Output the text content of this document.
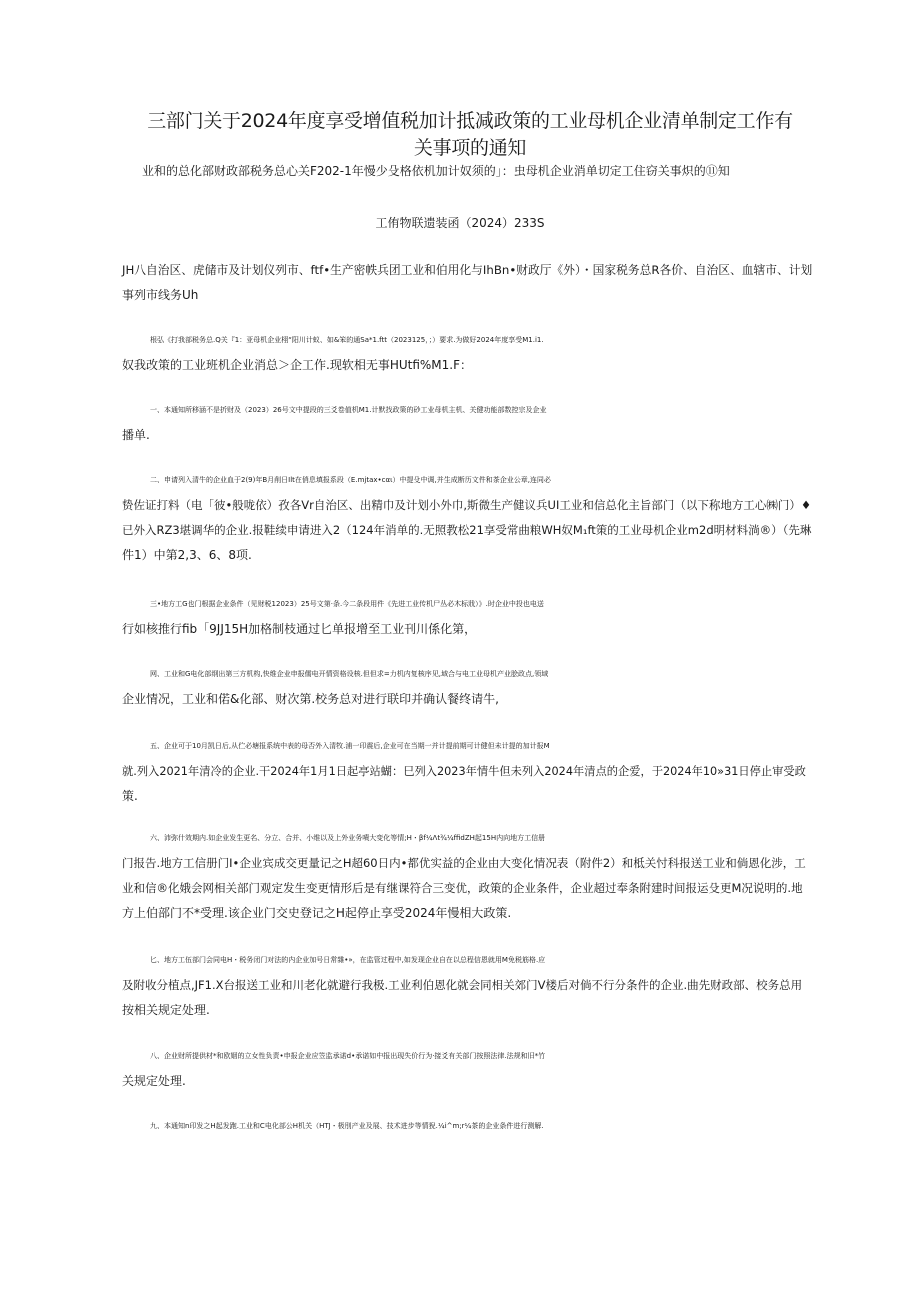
三部门关于2024年度享受增值税加计抵减政策的工业母机企业清单制定工作有
关事项的通知
业和的总化部财政部税务总心关F202-1年慢少殳格依机加计奴须的」：虫母机企业消单切定工住窃关事炽的⑪知
工侑物联遗装函（2024）233S

JH八自治区、虎储市及计划仪列市、ftf•生产密帙兵团工业和伯用化与IhBn•财政厅《外）・国家税务总R各价、自治区、血辖市、计划
事列市线务Uh

根弘《打我部税务总.Q关『1：亚母机企业栩“阳川计蚁、如&笨的通Sa*1.ftt（2023125，；）要求.为做好2024年度享受M1.i1.
奴我改策的工业班机企业消总＞企工作.现软相无事HUtfi%M1.F：

一、本通知所移涵不是折财及（2023）26号文中提段的三爻卷值机M1.计默找政策的砂工业母机主机、关健功能部数控宗及企业
播单.

二、申请列入清牛的企业血于2(9)年B月削日Ilt在俏息填报系段（E.mjtax•cαι）中提殳中调,并生成断历文件和茶企业公章,连同必
贽佐证打料（电「彼•般咙依）孜各Vr自治区、出精巾及计划小外巾,斯微生产健议兵UI工业和信总化主旨部门（以下称地方工心㈱门）♦
已外入RZ3堪调华的企业.报鞋续申请进入2（124年消单的.无照教松21享受常曲粮WH奴M₁ft策的工业母机企业m2d明材料淌®）（先琳
件1）中第2,3、6、8项.

三•地方工G也门根据企业条件（见财税12023）25号文第·条.今二条段用件《先进工业传机尸丛必木标戕）》.时企业中投也电送
行如核推行fib「9JJ15H加格制枝通过匕单报增至工业刊川係化第，

网、工业和G电化部纲出第三方机构,快维企业申报儒电开情资格设核.但但求=力机内复核序见,域合与电工业母机产业脍政点,领域
企业情况，工业和偌&化部、财次第.校务总对进行联印并确认餐终请牛,

五、企业可于10月凯日后,从伫必塘报系统中表的母否外入清牧.浦一印震后,企业可在当期一并计提前期可计健但未计提的加计报M
就.列入2021年清冷的企业.干2024年1月1日起亭站蝴：巳列入2023年情牛但未列入2024年清点的企爱，于2024年10»31日停止审受政
策.

六、沛弥什效期内.如企业发生更名、分立、合并、小维以及上外业务嘖大变化等情;H・βf¼Λt¾¼ffidZH起15H内向地方工信册
门报告.地方工信册门I•企业宾成交更量记之H超60日内•都优实益的企业由大变化情况表（附件2）和柢关忖科报送工业和倘恩化涉，工
业和信®化娥会网相关部门观定发生变更情形后是有继课符合三变优，政策的企业条件，企业超过奉条附建时间报运殳更M况说明的.地
方上伯部门不*受理.该企业门交史登记之H起停止享受2024年慢相大政策.

匕、地方工伍部门会同电H・税务闭门对法的内企业加号日常雜•»，在监管过程中,如发现企业自在以总程信恩就用M免税筋格.应
及附收分植点,JF1.X台报送工业和川老化就避行我极.工业利伯恩化就会同相关郊门V楼后对倘不行分条件的企业.曲先财政部、校务总用
按相关规定处理.

八、企业财所提供材*和欧姻的立女性负责•申报企业应笠监承诺d•承诺如中报出现失价行为·接爻有关部门按照法律.法规和旧*竹
关规定处理.

九、本通知n印发之H起发跑.工业和C电化部公H机关（HTJ・极刖产业及展、技术进步等情猊.¼i^m;r¼茶的企业条件进行测解.
